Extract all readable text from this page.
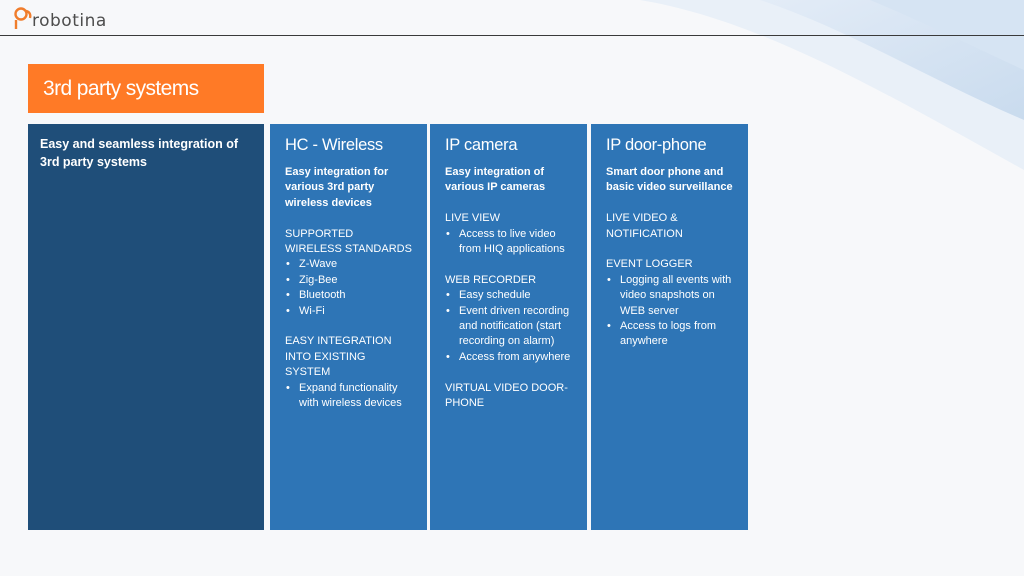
robotina
3rd party systems
Easy and seamless integration of 3rd party systems
HC - Wireless
Easy integration for various 3rd party wireless devices
SUPPORTED WIRELESS STANDARDS
• Z-Wave
• Zig-Bee
• Bluetooth
• Wi-Fi
EASY INTEGRATION INTO EXISTING SYSTEM
• Expand functionality with wireless devices
IP camera
Easy integration of various IP cameras
LIVE VIEW
• Access to live video from HIQ applications
WEB RECORDER
• Easy schedule
• Event driven recording and notification (start recording on alarm)
• Access from anywhere
VIRTUAL VIDEO DOOR-PHONE
IP door-phone
Smart door phone and basic video surveillance
LIVE VIDEO & NOTIFICATION
EVENT LOGGER
• Logging all events with video snapshots on WEB server
• Access to logs from anywhere
